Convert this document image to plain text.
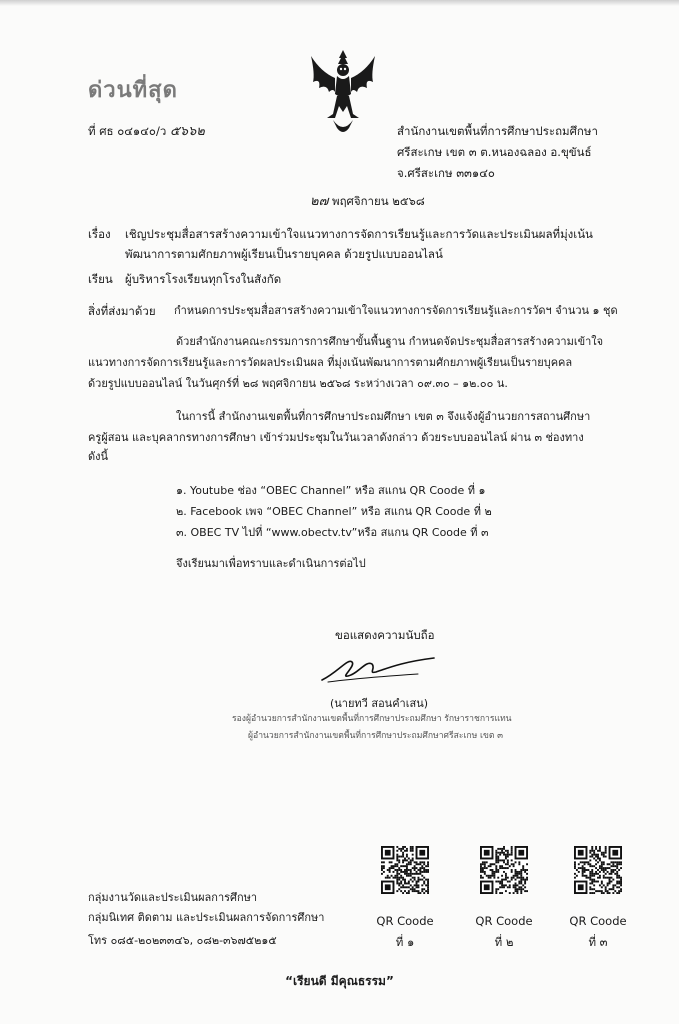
ด่วนที่สุด
ที่ ศธ ๐๔๑๔๐/ว ๕๖๖๒	สำนักงานเขตพื้นที่การศึกษาประถมศึกษา
ศรีสะเกษ เขต ๓ ต.หนองฉลอง อ.ขุขันธ์
จ.ศรีสะเกษ ๓๓๑๔๐
๒๗ พฤศจิกายน ๒๕๖๘
เรื่อง เชิญประชุมสื่อสารสร้างความเข้าใจแนวทางการจัดการเรียนรู้และการวัดและประเมินผลที่มุ่งเน้น
พัฒนาการตามศักยภาพผู้เรียนเป็นรายบุคคล ด้วยรูปแบบออนไลน์
เรียน ผู้บริหารโรงเรียนทุกโรงในสังกัด
สิ่งที่ส่งมาด้วย กำหนดการประชุมสื่อสารสร้างความเข้าใจแนวทางการจัดการเรียนรู้และการวัดฯ จำนวน ๑ ชุด
ด้วยสำนักงานคณะกรรมการการศึกษาขั้นพื้นฐาน กำหนดจัดประชุมสื่อสารสร้างความเข้าใจ
แนวทางการจัดการเรียนรู้และการวัดผลประเมินผล ที่มุ่งเน้นพัฒนาการตามศักยภาพผู้เรียนเป็นรายบุคคล
ด้วยรูปแบบออนไลน์ ในวันศุกร์ที่ ๒๘ พฤศจิกายน ๒๕๖๘ ระหว่างเวลา ๐๙.๓๐ – ๑๒.๐๐ น.
ในการนี้ สำนักงานเขตพื้นที่การศึกษาประถมศึกษา เขต ๓ จึงแจ้งผู้อำนวยการสถานศึกษา
ครูผู้สอน และบุคลากรทางการศึกษา เข้าร่วมประชุมในวันเวลาดังกล่าว ด้วยระบบออนไลน์ ผ่าน ๓ ช่องทาง
ดังนี้
๑. Youtube ช่อง “OBEC Channel” หรือ สแกน QR Coode ที่ ๑
๒. Facebook เพจ “OBEC Channel” หรือ สแกน QR Coode ที่ ๒
๓. OBEC TV ไปที่ “www.obectv.tv”หรือ สแกน QR Coode ที่ ๓
จึงเรียนมาเพื่อทราบและดำเนินการต่อไป
ขอแสดงความนับถือ
(นายทวี สอนคำเสน)
รองผู้อำนวยการสำนักงานเขตพื้นที่การศึกษาประถมศึกษา รักษาราชการแทน
ผู้อำนวยการสำนักงานเขตพื้นที่การศึกษาประถมศึกษาศรีสะเกษ เขต ๓
กลุ่มงานวัดและประเมินผลการศึกษา
กลุ่มนิเทศ ติดตาม และประเมินผลการจัดการศึกษา
โทร ๐๘๕-๒๐๒๓๓๔๖, ๐๘๒-๓๖๗๕๒๑๕
QR Coode
ที่ ๑
QR Coode
ที่ ๒
QR Coode
ที่ ๓
“เรียนดี มีคุณธรรม”
